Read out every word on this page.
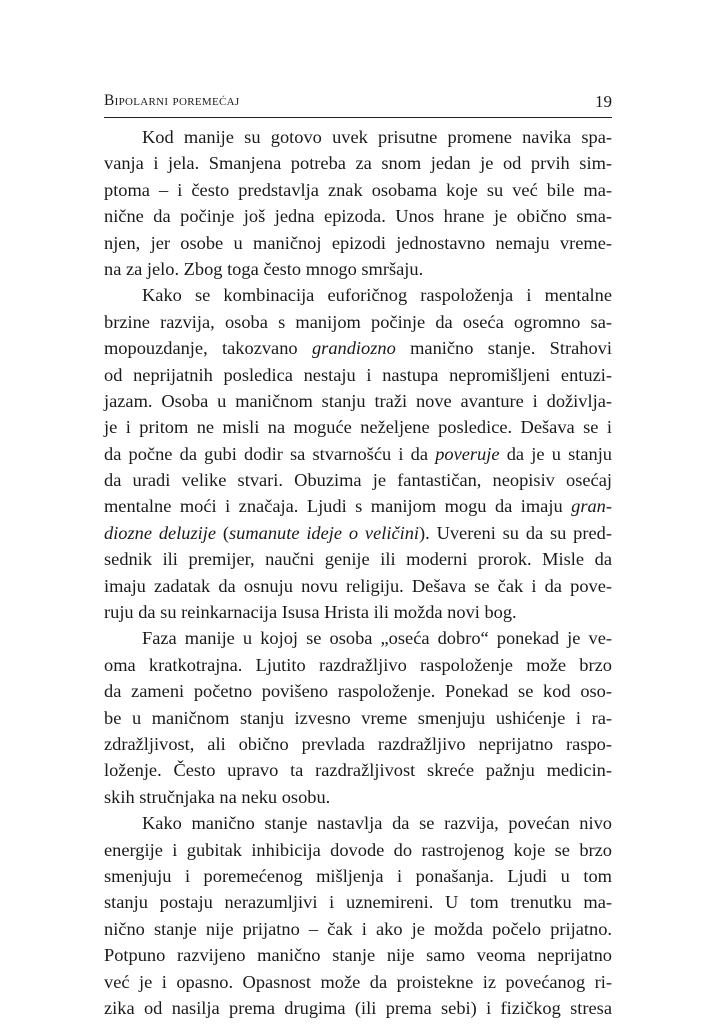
Bipolarni poremećaj	19
Kod manije su gotovo uvek prisutne promene navika spa-
vanja i jela. Smanjena potreba za snom jedan je od prvih sim-
ptoma – i često predstavlja znak osobama koje su već bile ma-
nične da počinje još jedna epizoda. Unos hrane je obično sma-
njen, jer osobe u maničnoj epizodi jednostavno nemaju vreme-
na za jelo. Zbog toga često mnogo smršaju.
Kako se kombinacija euforičnog raspoloženja i mentalne
brzine razvija, osoba s manijom počinje da oseća ogromno sa-
mopouzdanje, takozvano grandiozno manično stanje. Strahovi
od neprijatnih posledica nestaju i nastupa nepromišljeni entuzi-
jazam. Osoba u maničnom stanju traži nove avanture i doživlja-
je i pritom ne misli na moguće neželjene posledice. Dešava se i
da počne da gubi dodir sa stvarnošću i da poveruje da je u stanju
da uradi velike stvari. Obuzima je fantastičan, neopisiv osećaj
mentalne moći i značaja. Ljudi s manijom mogu da imaju gran-
diozne deluzije (sumanute ideje o veličini). Uvereni su da su pred-
sednik ili premijer, naučni genije ili moderni prorok. Misle da
imaju zadatak da osnuju novu religiju. Dešava se čak i da pove-
ruju da su reinkarnacija Isusa Hrista ili možda novi bog.
Faza manije u kojoj se osoba „oseća dobro“ ponekad je ve-
oma kratkotrajna. Ljutito razdražljivo raspoloženje može brzo
da zameni početno povišeno raspoloženje. Ponekad se kod oso-
be u maničnom stanju izvesno vreme smenjuju ushićenje i ra-
zdražljivost, ali obično prevlada razdražljivo neprijatno raspo-
loženje. Često upravo ta razdražljivost skreće pažnju medicin-
skih stručnjaka na neku osobu.
Kako manično stanje nastavlja da se razvija, povećan nivo
energije i gubitak inhibicija dovode do rastrojenog koje se brzo
smenjuju i poremećenog mišljenja i ponašanja. Ljudi u tom
stanju postaju nerazumljivi i uznemireni. U tom trenutku ma-
nično stanje nije prijatno – čak i ako je možda počelo prijatno.
Potpuno razvijeno manično stanje nije samo veoma neprijatno
već je i opasno. Opasnost može da proistekne iz povećanog ri-
zika od nasilja prema drugima (ili prema sebi) i fizičkog stresa
